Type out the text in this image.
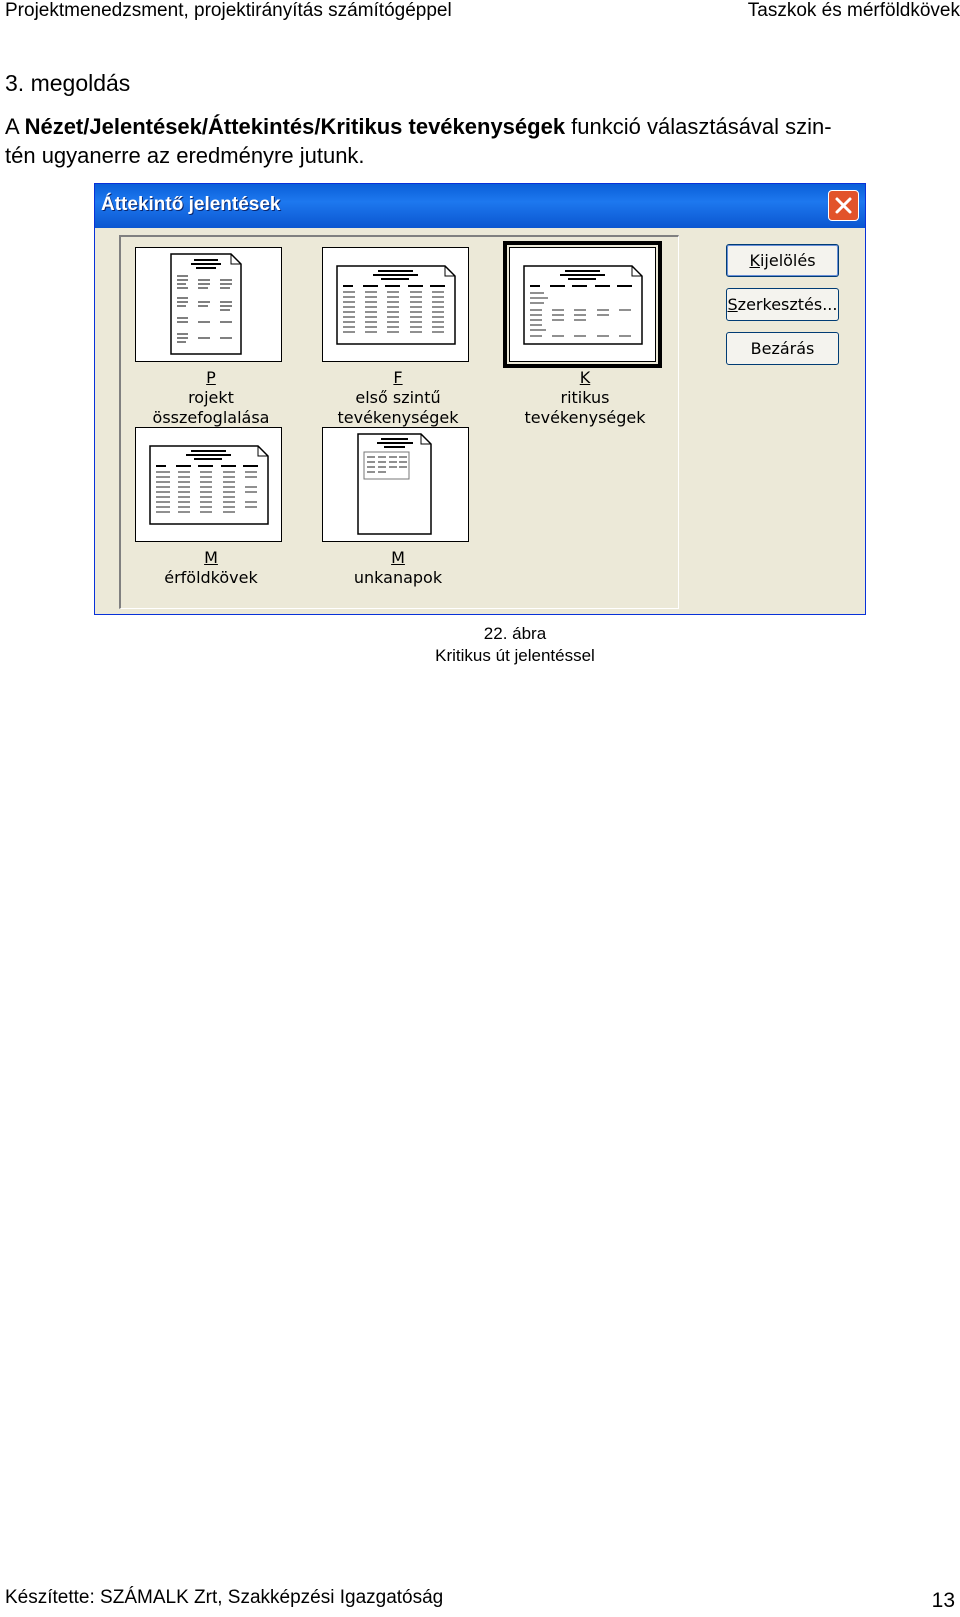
Projektmenedzsment, projektirányítás számítógéppel	Taszkok és mérföldkövek
3. megoldás
A Nézet/Jelentések/Áttekintés/Kritikus tevékenységek funkció választásával szin-
tén ugyanerre az eredményre jutunk.
Áttekintő jelentések
P
rojekt
összefoglalása
F
első szintű
tevékenységek
K
ritikus
tevékenységek
M
érföldkövek
M
unkanapok
K ijelölés
S zerkesztés...
Bezárás
22. ábra
Kritikus út jelentéssel
Készítette: SZÁMALK Zrt, Szakképzési Igazgatóság	13
